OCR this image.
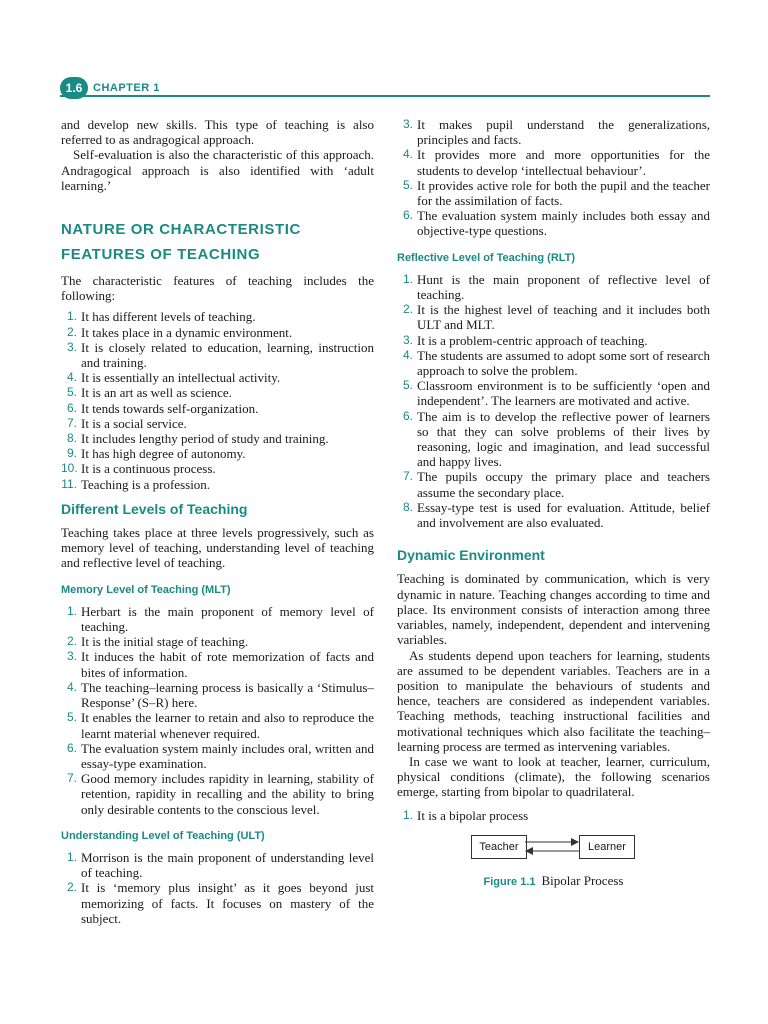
1.6 CHAPTER 1

and develop new skills. This type of teaching is also referred to as andragogical approach.

Self-evaluation is also the characteristic of this approach. Andragogical approach is also identified with ‘adult learning.’

NATURE OR CHARACTERISTIC
FEATURES OF TEACHING

The characteristic features of teaching includes the following:

1. It has different levels of teaching.
2. It takes place in a dynamic environment.
3. It is closely related to education, learning, instruction and training.
4. It is essentially an intellectual activity.
5. It is an art as well as science.
6. It tends towards self-organization.
7. It is a social service.
8. It includes lengthy period of study and training.
9. It has high degree of autonomy.
10. It is a continuous process.
11. Teaching is a profession.
Different Levels of Teaching

Teaching takes place at three levels progressively, such as memory level of teaching, understanding level of teaching and reflective level of teaching.

Memory Level of Teaching (MLT)
1. Herbart is the main proponent of memory level of teaching.
2. It is the initial stage of teaching.
3. It induces the habit of rote memorization of facts and bites of information.
4. The teaching–learning process is basically a ‘Stimulus–Response’ (S–R) here.
5. It enables the learner to retain and also to reproduce the learnt material whenever required.
6. The evaluation system mainly includes oral, written and essay-type examination.
7. Good memory includes rapidity in learning, stability of retention, rapidity in recalling and the ability to bring only desirable contents to the conscious level.
Understanding Level of Teaching (ULT)
1. Morrison is the main proponent of understanding level of teaching.
2. It is ‘memory plus insight’ as it goes beyond just memorizing of facts. It focuses on mastery of the subject.
3. It makes pupil understand the generalizations, principles and facts.
4. It provides more and more opportunities for the students to develop ‘intellectual behaviour’.
5. It provides active role for both the pupil and the teacher for the assimilation of facts.
6. The evaluation system mainly includes both essay and objective-type questions.
Reflective Level of Teaching (RLT)
1. Hunt is the main proponent of reflective level of teaching.
2. It is the highest level of teaching and it includes both ULT and MLT.
3. It is a problem-centric approach of teaching.
4. The students are assumed to adopt some sort of research approach to solve the problem.
5. Classroom environment is to be sufficiently ‘open and independent’. The learners are motivated and active.
6. The aim is to develop the reflective power of learners so that they can solve problems of their lives by reasoning, logic and imagination, and lead successful and happy lives.
7. The pupils occupy the primary place and teachers assume the secondary place.
8. Essay-type test is used for evaluation. Attitude, belief and involvement are also evaluated.
Dynamic Environment

Teaching is dominated by communication, which is very dynamic in nature. Teaching changes according to time and place. Its environment consists of interaction among three variables, namely, independent, dependent and intervening variables.

As students depend upon teachers for learning, students are assumed to be dependent variables. Teachers are in a position to manipulate the behaviours of students and hence, teachers are considered as independent variables. Teaching methods, teaching instructional facilities and motivational techniques which also facilitate the teaching–learning process are termed as intervening variables.

In case we want to look at teacher, learner, curriculum, physical conditions (climate), the following scenarios emerge, starting from bipolar to quadrilateral.

1. It is a bipolar process
Teacher	Learner
Figure 1.1 Bipolar Process
